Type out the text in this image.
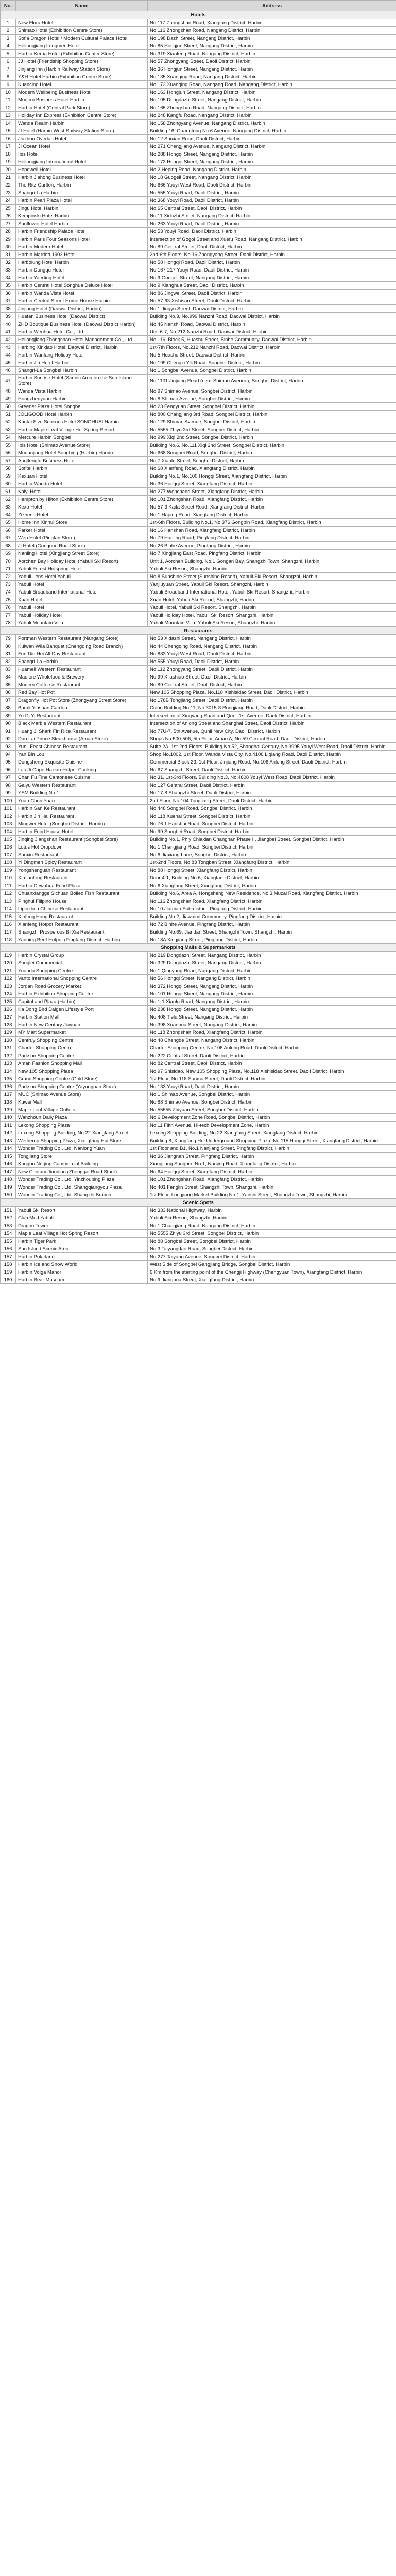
No.	Name	Address
Hotels		
1	New Flora Hotel	No.117 Zhongshan Road, Xiangfang District, Harbin
2	Shimao Hotel (Exhibition Centre Store)	No.116 Zhongshan Road, Nangang District, Harbin
3	Sofia Dragon Hotel / Modern Cultural Palace Hotel	No.198 Dazhi Street, Nangang District, Harbin
4	Heilongjiang Longmen Hotel	No.85 Hongjun Street, Nangang District, Harbin
5	Harbin Kerria Hotel (Exhibition Center Store)	No.319 Xianfeng Road, Nangang District, Harbin
6	JJ Hotel (Friendship Shopping Store)	No.57 Zhongyang Street, Daoli District, Harbin
7	Jinjiang Inn (Harbin Railway Station Store)	No.36 Hongjun Street, Nangang District, Harbin
8	Y&H Hotel Harbin (Exhibition Centre Store)	No.135 Xuanqing Road, Nangang District, Harbin
9	Kuancing Hotel	No.173 Xuanqing Road, Nangang Road, Nangang District, Harbin
10	Modern Wellbeing Business Hotel	No.163 Hongjun Street, Nangang District, Harbin
11	Modern Business Hotel Harbin	No.105 Dongdazhi Street, Nangang District, Harbin
12	Harbin Hotel (Central Park Store)	No.165 Zhongshan Road, Nangang District, Harbin
13	Holiday Inn Express (Exhibition Centre Store)	No.248 Kangfu Road, Nangang District, Harbin
14	Wanda Realm Harbin	No.158 Zhongyang Avenue, Nangang District, Harbin
15	JI Hotel (Harbin West Railway Station Store)	Building 16, Guangtong No.6 Avenue, Nangang District, Harbin
16	Jiuzhou Overlap Hotel	No.12 Shixian Road, Daoli District, Harbin
17	Ji Ocean Hotel	No.271 Chengjiang Avenue, Nangang District, Harbin
18	Ibis Hotel	No.288 Hongqi Street, Nangang District, Harbin
19	Heilongjiang International Hotel	No.173 Hongqi Street, Nangang District, Harbin
20	Hopewell Hotel	No.2 Heping Road, Nangang District, Harbin
21	Harbin Jiahong Business Hotel	No.18 Guogeli Street, Nangang District, Harbin
22	The Ritz-Carlton, Harbin	No.666 Youyi West Road, Daoli District, Harbin
23	Shangri-La Harbin	No.555 Youyi Road, Daoli District, Harbin
24	Harbin Pearl Plaza Hotel	No.368 Youyi Road, Daoli District, Harbin
25	Jingu Hotel Harbin	No.65 Central Street, Daoli District, Harbin
26	Kempinski Hotel Harbin	No.11 Xidazhi Street, Nangang District, Harbin
27	Sunflower Hotel Harbin	No.263 Youyi Road, Daoli District, Harbin
28	Harbin Friendship Palace Hotel	No.53 Youyi Road, Daoli District, Harbin
29	Harbin Paris Four Seasons Hotel	Intersection of Gogol Street and Xuefu Road, Nangang District, Harbin
30	Harbin Modern Hotel	No.89 Central Street, Daoli District, Harbin
31	Harbin Marriott 1903 Hotel	2nd-6th Floors, No.16 Zhongyang Street, Daoli District, Harbin
32	Harbolung Hotel Harbin	No.58 Hongqi Road, Daoli District, Harbin
33	Harbin Dongqu Hotel	No.167-217 Youyi Road, Daoli District, Harbin
34	Harbin Yaerting Hotel	No.9 Guogeli Street, Nangang District, Harbin
35	Harbin Central Hotel Songhua Deluxe Hotel	No.9 Xianghua Street, Daoli District, Harbin
36	Harbin Wanda Vista Hotel	No.86 Jingwei Street, Daoli District, Harbin
37	Harbin Central Street Home House Harbin	No.57-63 Xishisan Street, Daoli District, Harbin
38	Jinjiang Hotel (Daowai District, Harbin)	No.1 Jingyu Street, Daowai District, Harbin
39	Huafan Business Hotel (Daowai District)	Building No.3, No.999 Nanzhi Road, Daowai District, Harbin
40	ZHD Boutique Business Hotel (Daowai District Harbin)	No.45 Nanzhi Road, Daowai District, Harbin
41	Harbin Wenhua Hotel Co., Ltd.	Unit 6-7, No.212 Nanzhi Road, Daowai District, Harbin
42	Heilongjiang Zhongshan Hotel Management Co., Ltd.	No.116, Block 5, Huashu Street, Binhe Community, Daowai District, Harbin
43	Harbing Xinxiao Hotel, Daowai District, Harbin	1st-7th Floors, No.212 Nanzhi Road, Daowai District, Harbin
44	Harbin Wanfang Holiday Hotel	No.5 Huashu Street, Daowai District, Harbin
45	Harbin Jiri Hotel Harbin	No.199 Chengxi Yili Road, Songbei District, Harbin
46	Shangri-La Songbei Harbin	No.1 Songbei Avenue, Songbei District, Harbin
47	Harbin Sunrise Hotel (Scenic Area on the Sun Island Store)	No.1101 Jinjiang Road (near Shimao Avenue), Songbei District, Harbin
48	Wanda Vista Harbin	No.97 Shimao Avenue, Songbei District, Harbin
49	Hongzhenyuan Harbin	No.8 Shimao Avenue, Songbei District, Harbin
50	Greener Plaza Hotel Songbei	No.23 Fengyuan Street, Songbei District, Harbin
51	JOLIGOOD Hotel Harbin	No.800 Changjiang 3rd Road, Songbei District, Harbin
52	Kuntai Five Seasons Hotel SONGHUAI Harbin	No.129 Shimao Avenue, Songbei District, Harbin
53	Harbin Maple Leaf Village Hot Spring Resort	No.5555 Zhiyu 3rd Street, Songbei District, Harbin
54	Mercure Harbin Songbei	No.999 Xiqi 2nd Street, Songbei District, Harbin
55	Ibis Hotel (Shimao Avenue Store)	Building No.6, No.111 Xiqi 2nd Street, Songbei District, Harbin
56	Mudanjiang Hotel Songbing (Harbin) Harbin	No.668 Songbei Road, Songbei District, Harbin
57	Aoqifengfu Business Hotel	No.7 Xianfu Street, Songbei District, Harbin
58	Sofitel Harbin	No.68 Xianfeng Road, Xiangfang District, Harbin
59	Kexuan Hotel	Building No.1, No.100 Hongqi Street, Xiangfang District, Harbin
60	Harbin Wanda Hotel	No.36 Hongqi Street, Xiangfang District, Harbin
61	Kaiyi Hotel	No.277 Wenchang Street, Xiangfang District, Harbin
62	Hampton by Hilton (Exhibition Centre Store)	No.101 Zhongshan Road, Xiangfang District, Harbin
63	Kexo Hotel	No.57-3 Kaifa Street Road, Xiangfang District, Harbin
64	Zizheng Hotel	No.1 Haping Road, Xiangfang District, Harbin
65	Home Inn Xinhui Store	1st-6th Floors, Building No.1, No.376 Gongbin Road, Xiangfang District, Harbin
66	Parker Hotel	No.16 Hanshan Road, Xiangfang District, Harbin
67	Wen Hotel (Pingfan Store)	No.79 Hanjing Road, Pingfang District, Harbin
68	Ji Hotel (Gongnuo Road Store)	No.26 Binhe Avenue, Pingfang District, Harbin
69	Nanling Hotel (Xingjiang Street Store)	No.7 Xingjiang East Road, Pingfang District, Harbin
70	Aorchen Bay Holiday Hotel (Yabuli Ski Resort)	Unit 1, Aorchen Building, No.1 Gongan Bay, Shangzhi Town, Shangzhi, Harbin
71	Yabuli Forest Hotspring Hotel	Yabuli Ski Resort, Shangzhi, Harbin
72	Yabuli Lens Hotel Yabuli	No.8 Sunshine Street (Sunshine Resort), Yabuli Ski Resort, Shangzhi, Harbin
73	Yabuli Hotel	Yanjiuyuan Street, Yabuli Ski Resort, Shangzhi, Harbin
74	Yabuli Broadband International Hotel	Yabuli Broadband International Hotel, Yabuli Ski Resort, Shangzhi, Harbin
75	Xuan Hotel	Xuan Hotel, Yabuli Ski Resort, Shangzhi, Harbin
76	Yabuli Hotel	Yabuli Hotel, Yabuli Ski Resort, Shangzhi, Harbin
77	Yabuli Holiday Hotel	Yabuli Holiday Hotel, Yabuli Ski Resort, Shangzhi, Harbin
78	Yabuli Mountain Villa	Yabuli Mountain Villa, Yabuli Ski Resort, Shangzhi, Harbin
Restaurants		
79	Portman Western Restaurant (Nangang Store)	No.53 Xidazhi Street, Nangang District, Harbin
80	Kuiwan Wila Banquet (Chengqing Road Branch)	No.44 Chengqing Road, Nangang District, Harbin
81	Fun Din Hui All Day Restaurant	No.883 Youyi West Road, Daoli District, Harbin
82	Shangri-La Harbin	No.555 Youyi Road, Daoli District, Harbin
83	Huameil Western Restaurant	No.112 Zhongyang Street, Daoli District, Harbin
84	Madiere Wholefood & Brewery	No.99 Xilashiao Street, Daoli District, Harbin
85	Modern Coffee & Restaurant	No.89 Central Street, Daoli District, Harbin
86	Red Bay Hot Pot	New 105 Shopping Plaza, No.118 Xishisidao Street, Daoli District, Harbin
87	Dragonfly Hot Pot Store (Zhongyang Street Store)	No.178B Tongjiang Street, Daoli District, Harbin
88	Barak Yinshan Garden	Cuihu Building No.11, No.3015-8 Rongjiang Road, Daoli District, Harbin
89	Yu Di Yi Restaurant	Intersection of Xingyang Road and Qunli 1st Avenue, Daoli District, Harbin
90	Black Marble Western Restaurant	Intersection of Anlong Street and Shanghai Street, Daoli District, Harbin
91	Huang Ji Shark Fin Rice Restaurant	No.77U-7, 5th Avenue, Qunli New City, Daoli District, Harbin
92	Dao Lai Prince Steakhouse (Aman Store)	Shops No.500-506, 5th Floor, Aman A, No.59 Central Road, Daoli District, Harbin
93	Yunji Feast Chinese Restaurant	Suite 2A, 1st-2nd Floors, Building No.52, Shanghai Century, No.3995 Youyi West Road, Daoli District, Harbin
94	Yan Bin Lou	Shop No.1002, 1st Floor, Wanda Vista City, No.4106 Liqiang Road, Daoli District, Harbin
95	Dongsheng Exquisite Cuisine	Commercial Block 23, 1st Floor, Jinjiang Road, No.106 Anlong Street, Daoli District, Harbin
96	Lao Ji Gapo Haxian Hotpot Cooking	No.67 Shangzhi Street, Daoli District, Harbin
97	Chan Fu Fine Cantonese Cuisine	No.31, 1st-3rd Floors, Building No.3, No.4808 Youyi West Road, Daoli District, Harbin
98	Gaiyu Western Restaurant	No.127 Central Street, Daoli District, Harbin
99	YSM Building No.1	No.17-8 Shangzhi Street, Daoli District, Harbin
100	Yuan Chun Yuan	2nd Floor, No.104 Tongjiang Street, Daoli District, Harbin
101	Harbin San Ke Restaurant	No.448 Songbei Road, Songbei District, Harbin
102	Harbin Jin Hai Restaurant	No.118 Xuehai Street, Songbei District, Harbin
103	Mingwei Hotel (Songbei District, Harbin)	No.76 1 Hanshui Road, Songbei District, Harbin
104	Harbin Food House Hotel	No.99 Songbei Road, Songbei District, Harbin
105	Jinqing Jiangshan Restaurant (Songbei Store)	Building No.1, Phly Chiaxian Changhan Phase II, Jiangbei Street, Songbei District, Harbin
106	Lotus Hot Dropdown	No.1 Changjiang Road, Songbei District, Harbin
107	Sanxin Restaurant	No.6 Jiaxiang Lane, Songbei District, Harbin
108	Yi Dingmen Spicy Restaurant	1st-2nd Floors, No.83 Tongban Street, Xiangfang District, Harbin
109	Yongshenguan Restaurant	No.88 Hongqi Street, Xiangfang District, Harbin
110	Ximianfeng Restaurant	Door 4-1, Building No.6, Xiangfang District, Harbin
111	Harbin Dewahua Food Plaza	No.6 Xiangfang Street, Xiangfang District, Harbin
112	Chuanxiangge Sichuan Boiled Fish Restaurant	Building No.6, Area A, Hongsheng New Residence, No.3 Mucai Road, Xiangfang District, Harbin
113	Pinghui Filipino House	No.116 Zhongshan Road, Xiangfang District, Harbin
114	Lipinzhou Chinese Restaurant	No.10 Jiamian Sub-district, Pingfang District, Harbin
115	Xinfeng Hong Restaurant	Building No.2, Jiawaimi Community, Pingfang District, Harbin
116	Xianfeng Hotpot Restaurant	No.72 Binhe Avenue, Pingfang District, Harbin
117	Shangzhi Prosperous Bi Xia Restaurant	Building No.69, Jiandan Street, Shangzhi Town, Shangzhi, Harbin
118	Yanbing Beef Hotpot (Pingfang District, Harbin)	No.18A Xingjiang Street, Pingfang District, Harbin
Shopping Malls & Supermarkets		
119	Harbin Crystal Group	No.219 Dongdazhi Street, Nangang District, Harbin
120	Songlei Commercial	No.329 Dongdazhi Street, Nangang District, Harbin
121	Yuanda Shopping Centre	No.1 Qingyang Road, Nangang District, Harbin
122	Vanto International Shopping Centre	No.56 Hongqi Street, Nangang District, Harbin
123	Jordan Road Grocery Market	No.372 Hongqi Street, Nangang District, Harbin
124	Harbin Exhibition Shopping Centre	No.101 Hongqi Street, Nangang District, Harbin
125	Capital and Plaza (Harbin)	No.1-1 Xianfu Road, Nangang District, Harbin
126	Ka Dong Bird Daigen Lifestyle Port	No.238 Hongqi Street, Nangang District, Harbin
127	Harbin Station Mall	No.408 Tielu Street, Nangang District, Harbin
128	Harbin New Century Jiayuan	No.398 Xuanhua Street, Nangang District, Harbin
129	MY Mart Supermarket	No.118 Zhongshan Road, Xiangfang District, Harbin
130	Centruy Shopping Centre	No.48 Chengde Street, Nangang District, Harbin
131	Charter Shopping Centre	Charter Shopping Centre, No.106 Anlong Road, Daoli District, Harbin
132	Parkson Shopping Centre	No.222 Central Street, Daoli District, Harbin
133	Aman Fashion Shopping Mall	No.82 Central Street, Daoli District, Harbin
134	New 105 Shopping Plaza	No.97 Shisidao, New 105 Shopping Plaza, No.118 Xishisidao Street, Daoli District, Harbin
135	Grand Shopping Centre (Gold Store)	1st Floor, No.118 Sunma Street, Daoli District, Harbin
136	Parkson Shopping Centre (Yayunguan Store)	No.133 Youyi Road, Daoli District, Harbin
137	MUC (Shimao Avenue Store)	No.1 Shimao Avenue, Songbei District, Harbin
138	Kuwei Mall	No.88 Shimao Avenue, Songbei District, Harbin
139	Maple Leaf Village Outlets	No.55555 Zhiyuan Street, Songbei District, Harbin
140	Wanzhoun Daily Plaza	No.6 Development Zone Road, Songbei District, Harbin
141	Lexong Shopping Plaza	No.11 Fifth Avenue, Hi-tech Development Zone, Harbin
142	Lexong Shopping Building, No.22 Xiangfang Street	Lexong Shopping Building, No.22 Xiangfang Street, Xiangfang District, Harbin
143	Wetherup Shopping Plaza, Xiangfang Hui Store	Building 8, Xiangfang Hui Underground Shopping Plaza, No.115 Hongqi Street, Xiangfang District, Harbin
144	Wonder Trading Co., Ltd. Nanlong Yuan	1st Floor and B1, No.1 Nanjiang Street, Pingfang District, Harbin
145	Tongjiang Store	No.36 Jiangnan Street, Pingfang District, Harbin
146	Kongbo Nerjing Commercial Building	Xiangjiang Songbin, No.1, Nanjing Road, Xiangfang District, Harbin
147	New Century Jiandian (Zhenggai Road Store)	No.64 Hongqi Street, Xiangfang District, Harbin
148	Wonder Trading Co., Ltd. Yinzhouping Plaza	No.101 Zhongshan Road, Xiangfang District, Harbin
149	Wonder Trading Co., Ltd. Shangqiangyou Plaza	No.401 Fenglin Street, Shangzhi Town, Shangzhi, Harbin
150	Wonder Trading Co., Ltd. Shangzhi Branch	1st Floor, Longjiang Market Building No.1, Yanshi Street, Shangzhi Town, Shangzhi, Harbin
Scenic Spots		
151	Yabuli Ski Resort	No.333 National Highway, Harbin
152	Club Med Yabuli	Yabuli Ski Resort, Shangzhi, Harbin
153	Dragon Tower	No.1 Changjiang Road, Nangang District, Harbin
154	Maple Leaf Village Hot Spring Resort	No.5555 Zhiyu 3rd Street, Songbei District, Harbin
155	Harbin Tiger Park	No.88 Songbei Street, Songbei District, Harbin
156	Sun Island Scenic Area	No.3 Taiyangdao Road, Songbei District, Harbin
157	Harbin Polarland	No.277 Taiyang Avenue, Songbei District, Harbin
158	Harbin Ice and Snow World	West Side of Songbei Gangjiang Bridge, Songbei District, Harbin
159	Harbin Volga Manor	6 Km from the starting point of the Chengji Highway (Chengyuan Town), Xiangfang District, Harbin
160	Harbin Bear Museum	No.9 Jianghua Street, Xiangfang District, Harbin
